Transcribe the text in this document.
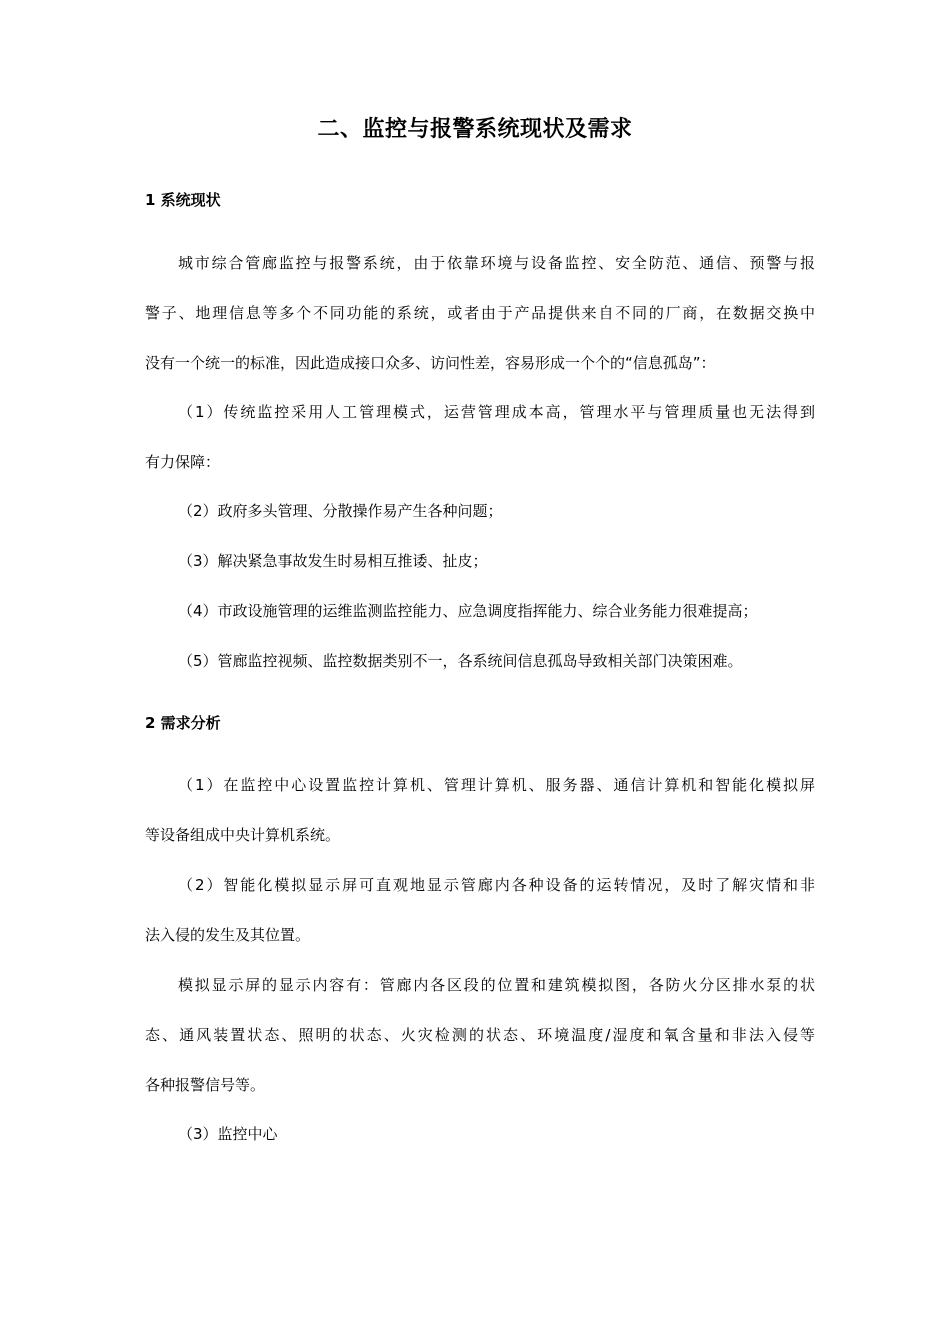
二、监控与报警系统现状及需求
1 系统现状

城市综合管廊监控与报警系统，由于依靠环境与设备监控、安全防范、通信、预警与报
警子、地理信息等多个不同功能的系统，或者由于产品提供来自不同的厂商，在数据交换中
没有一个统一的标准，因此造成接口众多、访问性差，容易形成一个个的“信息孤岛”：

（1）传统监控采用人工管理模式，运营管理成本高，管理水平与管理质量也无法得到
有力保障：

（2）政府多头管理、分散操作易产生各种问题；

（3）解决紧急事故发生时易相互推诿、扯皮；

（4）市政设施管理的运维监测监控能力、应急调度指挥能力、综合业务能力很难提高；

（5）管廊监控视频、监控数据类别不一，各系统间信息孤岛导致相关部门决策困难。

2 需求分析

（1）在监控中心设置监控计算机、管理计算机、服务器、通信计算机和智能化模拟屏
等设备组成中央计算机系统。

（2）智能化模拟显示屏可直观地显示管廊内各种设备的运转情况，及时了解灾情和非
法入侵的发生及其位置。

模拟显示屏的显示内容有：管廊内各区段的位置和建筑模拟图，各防火分区排水泵的状
态、通风装置状态、照明的状态、火灾检测的状态、环境温度/湿度和氧含量和非法入侵等
各种报警信号等。

（3）监控中心
